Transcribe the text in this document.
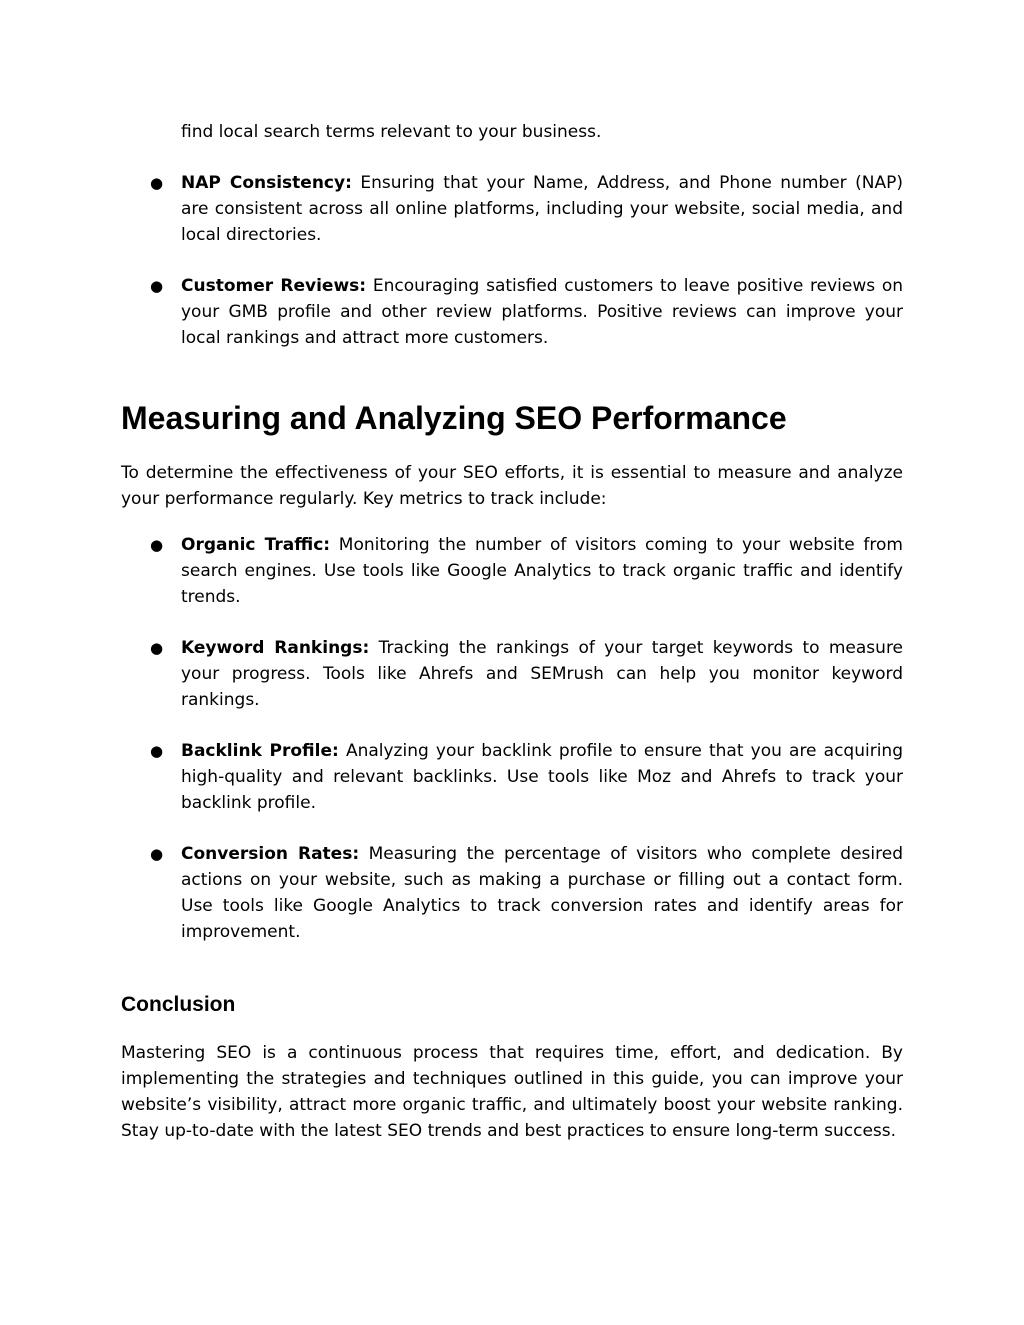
find local search terms relevant to your business.

● NAP Consistency: Ensuring that your Name, Address, and Phone number (NAP) are consistent across all online platforms, including your website, social media, and local directories.

● Customer Reviews: Encouraging satisfied customers to leave positive reviews on your GMB profile and other review platforms. Positive reviews can improve your local rankings and attract more customers.

Measuring and Analyzing SEO Performance

To determine the effectiveness of your SEO efforts, it is essential to measure and analyze your performance regularly. Key metrics to track include:

● Organic Traffic: Monitoring the number of visitors coming to your website from search engines. Use tools like Google Analytics to track organic traffic and identify trends.

● Keyword Rankings: Tracking the rankings of your target keywords to measure your progress. Tools like Ahrefs and SEMrush can help you monitor keyword rankings.

● Backlink Profile: Analyzing your backlink profile to ensure that you are acquiring high-quality and relevant backlinks. Use tools like Moz and Ahrefs to track your backlink profile.

● Conversion Rates: Measuring the percentage of visitors who complete desired actions on your website, such as making a purchase or filling out a contact form. Use tools like Google Analytics to track conversion rates and identify areas for improvement.

Conclusion

Mastering SEO is a continuous process that requires time, effort, and dedication. By implementing the strategies and techniques outlined in this guide, you can improve your website’s visibility, attract more organic traffic, and ultimately boost your website ranking. Stay up-to-date with the latest SEO trends and best practices to ensure long-term success.
